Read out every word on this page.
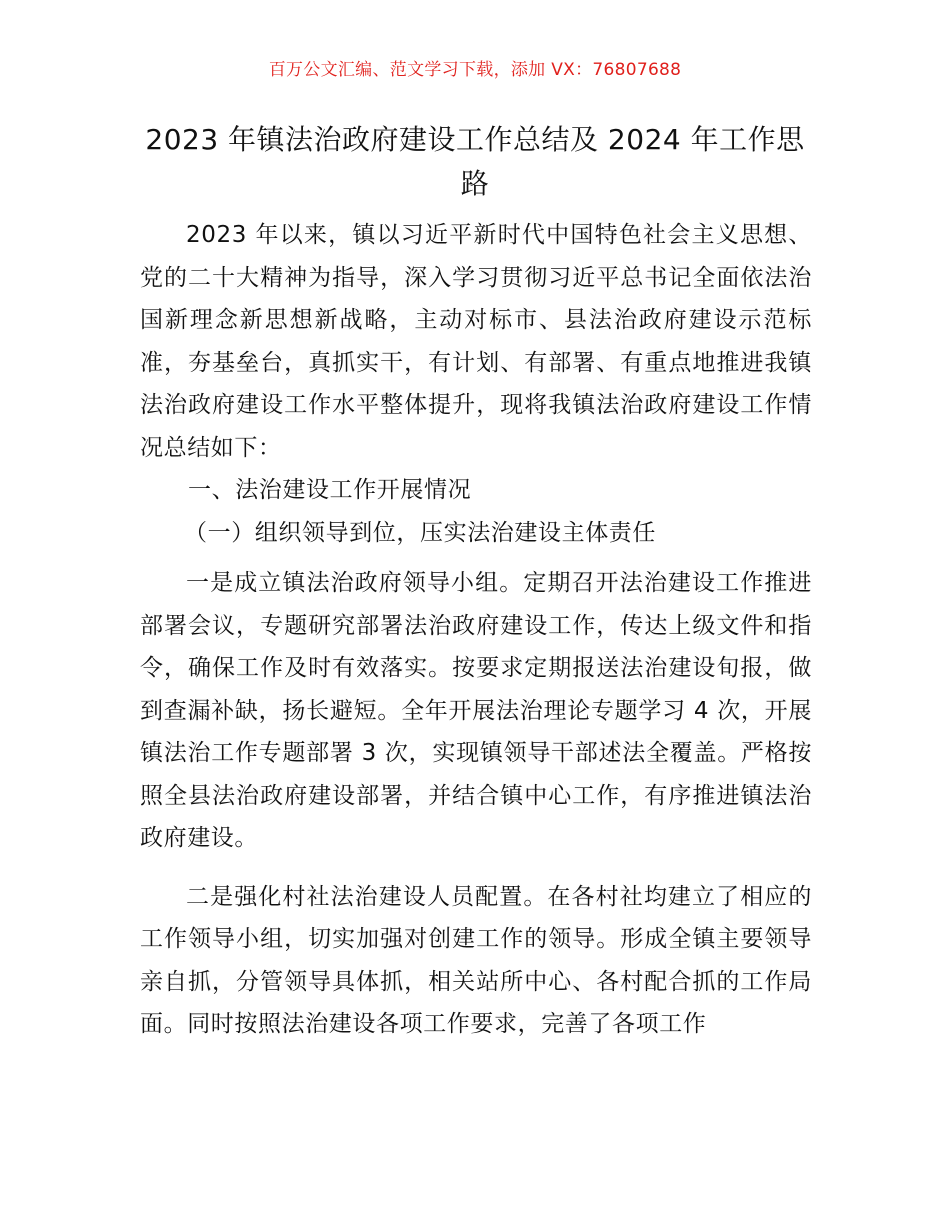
百万公文汇编、范文学习下载，添加 VX：76807688
2023 年镇法治政府建设工作总结及 2024 年工作思路

2023 年以来，镇以习近平新时代中国特色社会主义思想、党的二十大精神为指导，深入学习贯彻习近平总书记全面依法治国新理念新思想新战略，主动对标市、县法治政府建设示范标准，夯基垒台，真抓实干，有计划、有部署、有重点地推进我镇法治政府建设工作水平整体提升，现将我镇法治政府建设工作情况总结如下：

一、法治建设工作开展情况

（一）组织领导到位，压实法治建设主体责任

一是成立镇法治政府领导小组。定期召开法治建设工作推进部署会议，专题研究部署法治政府建设工作，传达上级文件和指令，确保工作及时有效落实。按要求定期报送法治建设旬报，做到查漏补缺，扬长避短。全年开展法治理论专题学习 4 次，开展镇法治工作专题部署 3 次，实现镇领导干部述法全覆盖。严格按照全县法治政府建设部署，并结合镇中心工作，有序推进镇法治政府建设。

二是强化村社法治建设人员配置。在各村社均建立了相应的工作领导小组，切实加强对创建工作的领导。形成全镇主要领导亲自抓，分管领导具体抓，相关站所中心、各村配合抓的工作局面。同时按照法治建设各项工作要求，完善了各项工作
